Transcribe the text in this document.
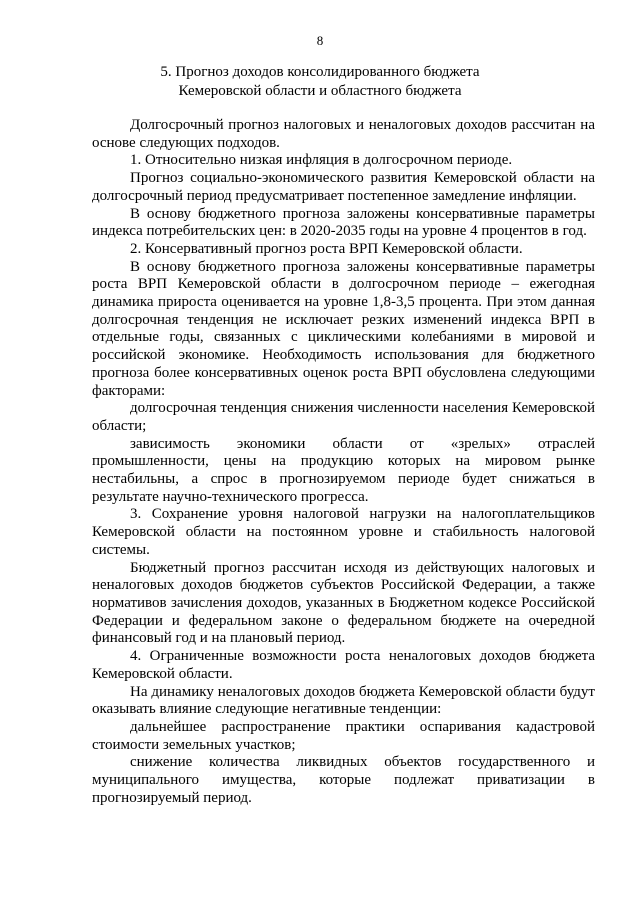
8
5. Прогноз доходов консолидированного бюджета
Кемеровской области и областного бюджета

Долгосрочный прогноз налоговых и неналоговых доходов рассчитан на основе следующих подходов.

1. Относительно низкая инфляция в долгосрочном периоде.

Прогноз социально-экономического развития Кемеровской области на долгосрочный период предусматривает постепенное замедление инфляции.

В основу бюджетного прогноза заложены консервативные параметры индекса потребительских цен: в 2020-2035 годы на уровне 4 процентов в год.

2. Консервативный прогноз роста ВРП Кемеровской области.

В основу бюджетного прогноза заложены консервативные параметры роста ВРП Кемеровской области в долгосрочном периоде – ежегодная динамика прироста оценивается на уровне 1,8-3,5 процента. При этом данная долгосрочная тенденция не исключает резких изменений индекса ВРП в отдельные годы, связанных с циклическими колебаниями в мировой и российской экономике. Необходимость использования для бюджетного прогноза более консервативных оценок роста ВРП обусловлена следующими факторами:

долгосрочная тенденция снижения численности населения Кемеровской области;

зависимость экономики области от «зрелых» отраслей промышленности, цены на продукцию которых на мировом рынке нестабильны, а спрос в прогнозируемом периоде будет снижаться в результате научно-технического прогресса.

3. Сохранение уровня налоговой нагрузки на налогоплательщиков Кемеровской области на постоянном уровне и стабильность налоговой системы.

Бюджетный прогноз рассчитан исходя из действующих налоговых и неналоговых доходов бюджетов субъектов Российской Федерации, а также нормативов зачисления доходов, указанных в Бюджетном кодексе Российской Федерации и федеральном законе о федеральном бюджете на очередной финансовый год и на плановый период.

4. Ограниченные возможности роста неналоговых доходов бюджета Кемеровской области.

На динамику неналоговых доходов бюджета Кемеровской области будут оказывать влияние следующие негативные тенденции:

дальнейшее распространение практики оспаривания кадастровой стоимости земельных участков;

снижение количества ликвидных объектов государственного и муниципального имущества, которые подлежат приватизации в прогнозируемый период.
